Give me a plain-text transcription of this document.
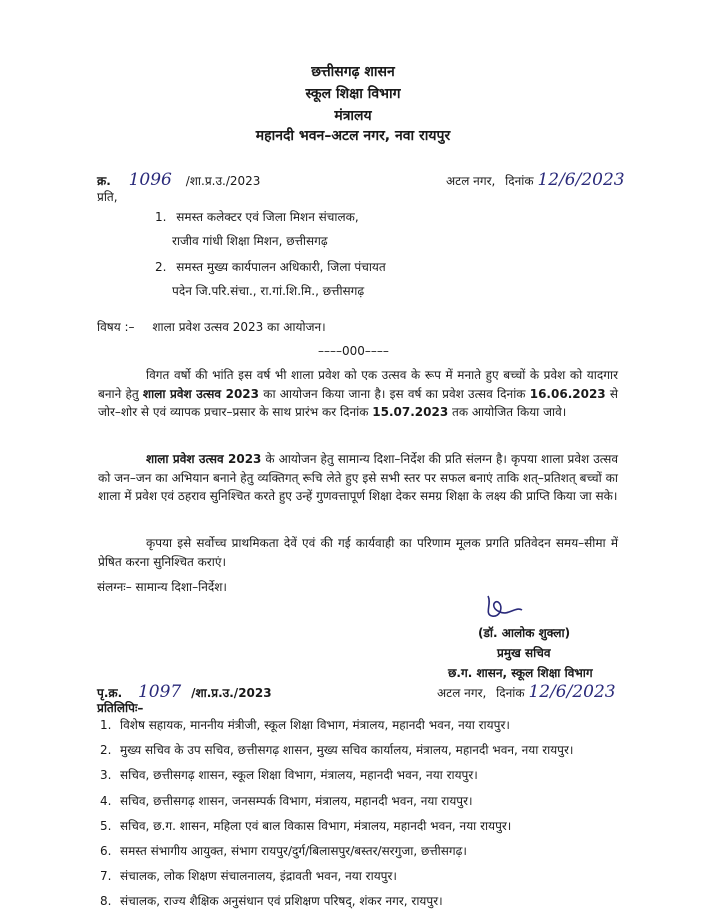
छत्तीसगढ़ शासन
स्कूल शिक्षा विभाग
मंत्रालय
महानदी भवन–अटल नगर, नवा रायपुर
क्र. 1096 /शा.प्र.उ./2023	अटल नगर, दिनांक 12/6/2023
प्रति,
1. समस्त कलेक्टर एवं जिला मिशन संचालक,
राजीव गांधी शिक्षा मिशन, छत्तीसगढ़
2. समस्त मुख्य कार्यपालन अधिकारी, जिला पंचायत
पदेन जि.परि.संचा., रा.गां.शि.मि., छत्तीसगढ़
विषय :– शाला प्रवेश उत्सव 2023 का आयोजन।
––––000––––
विगत वर्षो की भांति इस वर्ष भी शाला प्रवेश को एक उत्सव के रूप में मनाते हुए बच्चों के प्रवेश को यादगार बनाने हेतु शाला प्रवेश उत्सव 2023 का आयोजन किया जाना है। इस वर्ष का प्रवेश उत्सव दिनांक 16.06.2023 से जोर–शोर से एवं व्यापक प्रचार–प्रसार के साथ प्रारंभ कर दिनांक 15.07.2023 तक आयोजित किया जावे।
शाला प्रवेश उत्सव 2023 के आयोजन हेतु सामान्य दिशा–निर्देश की प्रति संलग्न है। कृपया शाला प्रवेश उत्सव को जन–जन का अभियान बनाने हेतु व्यक्तिगत् रूचि लेते हुए इसे सभी स्तर पर सफल बनाएं ताकि शत्–प्रतिशत् बच्चों का शाला में प्रवेश एवं ठहराव सुनिश्चित करते हुए उन्हें गुणवत्तापूर्ण शिक्षा देकर समग्र शिक्षा के लक्ष्य की प्राप्ति किया जा सके।
कृपया इसे सर्वोच्च प्राथमिकता देवें एवं की गई कार्यवाही का परिणाम मूलक प्रगति प्रतिवेदन समय–सीमा में प्रेषित करना सुनिश्चित कराएं।
संलग्नः– सामान्य दिशा–निर्देश।
(डॉ. आलोक शुक्ला)
प्रमुख सचिव
छ.ग. शासन, स्कूल शिक्षा विभाग
पृ.क्र. 1097 /शा.प्र.उ./2023	अटल नगर, दिनांक 12/6/2023
प्रतिलिपिः–
1. विशेष सहायक, माननीय मंत्रीजी, स्कूल शिक्षा विभाग, मंत्रालय, महानदी भवन, नया रायपुर।
2. मुख्य सचिव के उप सचिव, छत्तीसगढ़ शासन, मुख्य सचिव कार्यालय, मंत्रालय, महानदी भवन, नया रायपुर।
3. सचिव, छत्तीसगढ़ शासन, स्कूल शिक्षा विभाग, मंत्रालय, महानदी भवन, नया रायपुर।
4. सचिव, छत्तीसगढ़ शासन, जनसम्पर्क विभाग, मंत्रालय, महानदी भवन, नया रायपुर।
5. सचिव, छ.ग. शासन, महिला एवं बाल विकास विभाग, मंत्रालय, महानदी भवन, नया रायपुर।
6. समस्त संभागीय आयुक्त, संभाग रायपुर/दुर्ग/बिलासपुर/बस्तर/सरगुजा, छत्तीसगढ़।
7. संचालक, लोक शिक्षण संचालनालय, इंद्रावती भवन, नया रायपुर।
8. संचालक, राज्य शैक्षिक अनुसंधान एवं प्रशिक्षण परिषद्, शंकर नगर, रायपुर।
